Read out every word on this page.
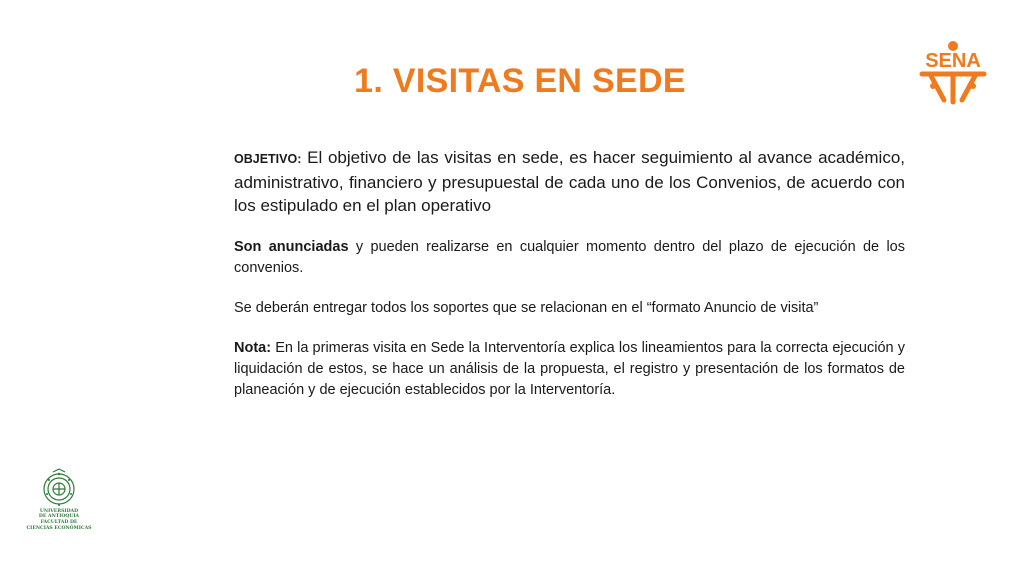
1. VISITAS EN SEDE
SENA

OBJETIVO: El objetivo de las visitas en sede, es hacer seguimiento al avance académico, administrativo, financiero y presupuestal de cada uno de los Convenios, de acuerdo con los estipulado en el plan operativo

Son anunciadas y pueden realizarse en cualquier momento dentro del plazo de ejecución de los convenios.

Se deberán entregar todos los soportes que se relacionan en el “formato Anuncio de visita”

Nota: En la primeras visita en Sede la Interventoría explica los lineamientos para la correcta ejecución y liquidación de estos, se hace un análisis de la propuesta, el registro y presentación de los formatos de planeación y de ejecución establecidos por la Interventoría.

UNIVERSIDAD
DE ANTIOQUIA
FACULTAD DE
CIENCIAS ECONÓMICAS
